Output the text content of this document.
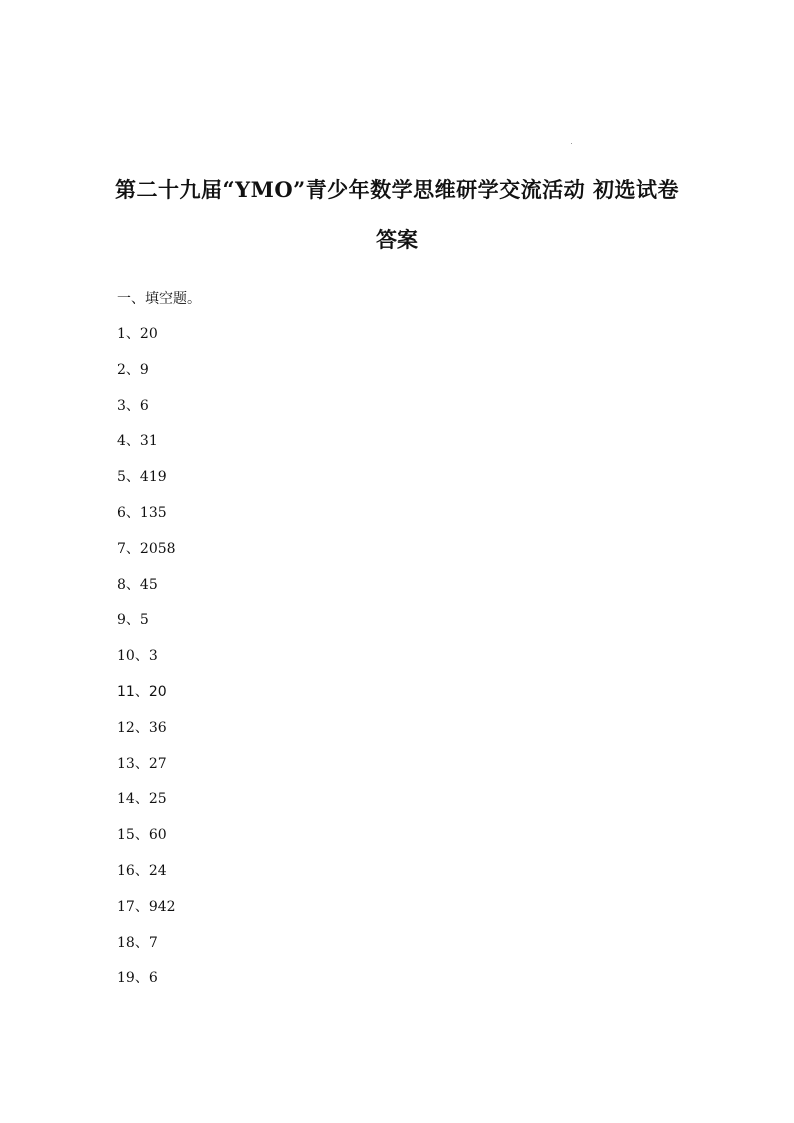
第二十九届“YMO”青少年数学思维研学交流活动 初选试卷
答案
一、填空题。
1、20
2、9
3、6
4、31
5、419
6、135
7、2058
8、45
9、5
10、3
11、20
12、36
13、27
14、25
15、60
16、24
17、942
18、7
19、6
